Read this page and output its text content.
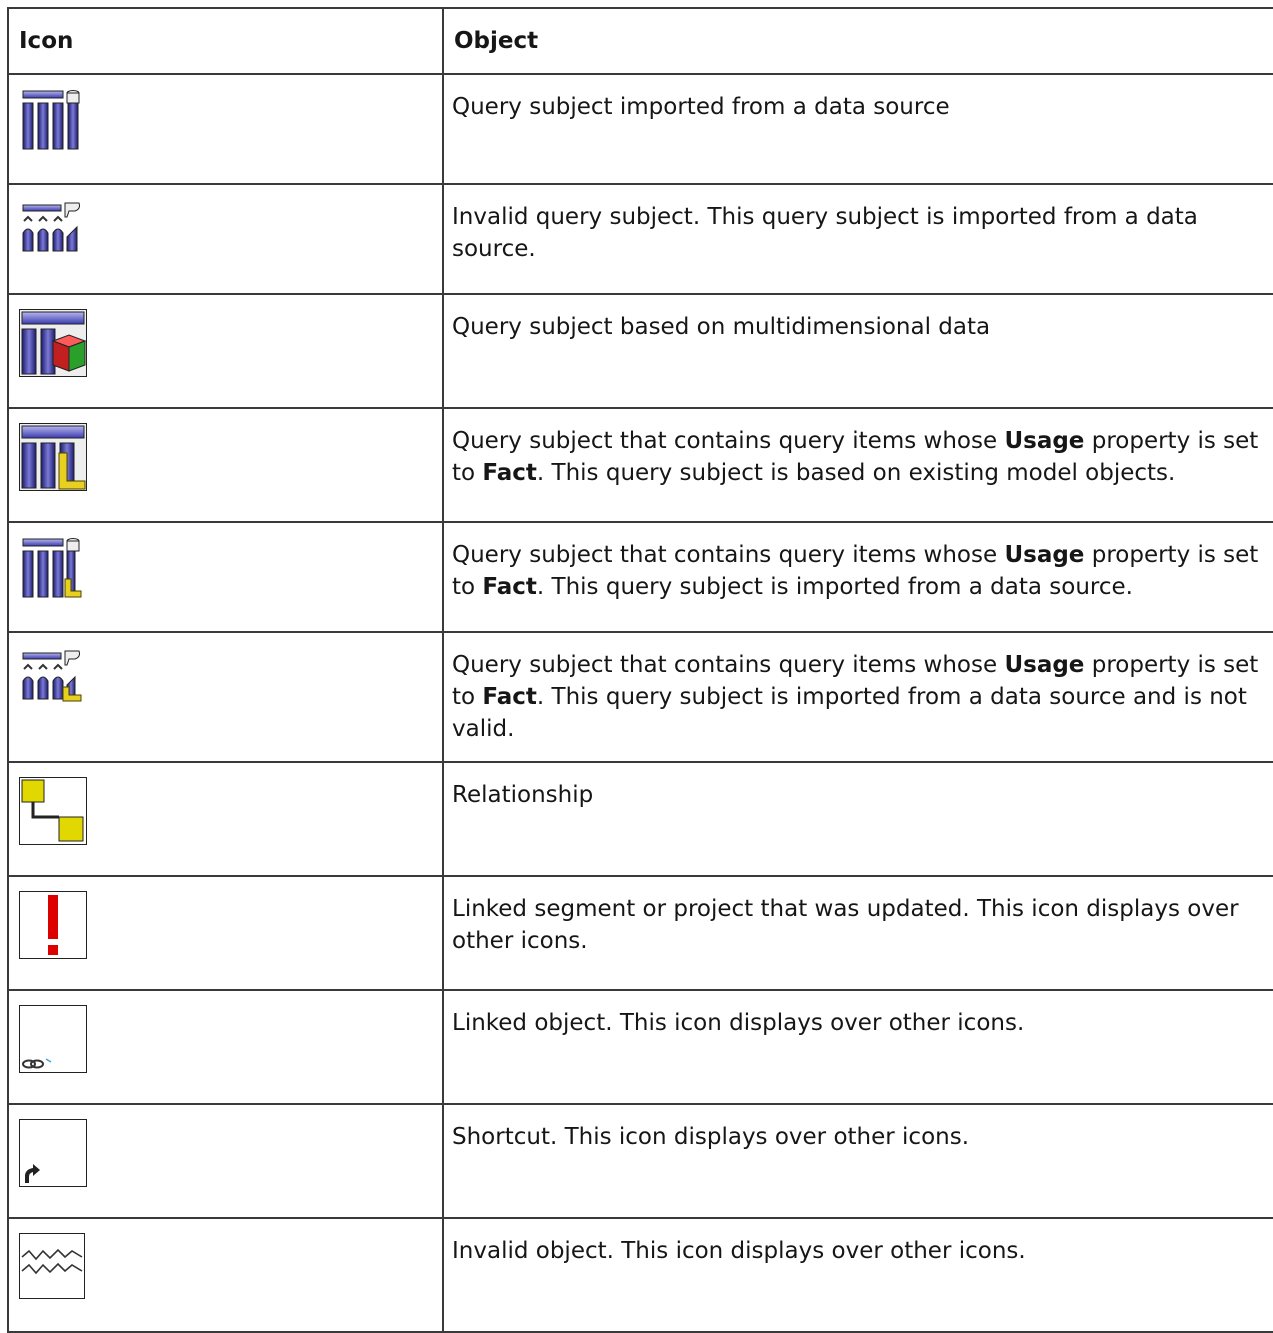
Icon	Object

	Query subject imported from a data source

	Invalid query subject. This query subject is imported from a data source.

	Query subject based on multidimensional data

	Query subject that contains query items whose Usage property is set to Fact. This query subject is based on existing model objects.

	Query subject that contains query items whose Usage property is set to Fact. This query subject is imported from a data source.

	Query subject that contains query items whose Usage property is set to Fact. This query subject is imported from a data source and is not valid.

	Relationship

	Linked segment or project that was updated. This icon displays over other icons.

	Linked object. This icon displays over other icons.

	Shortcut. This icon displays over other icons.

	Invalid object. This icon displays over other icons.
